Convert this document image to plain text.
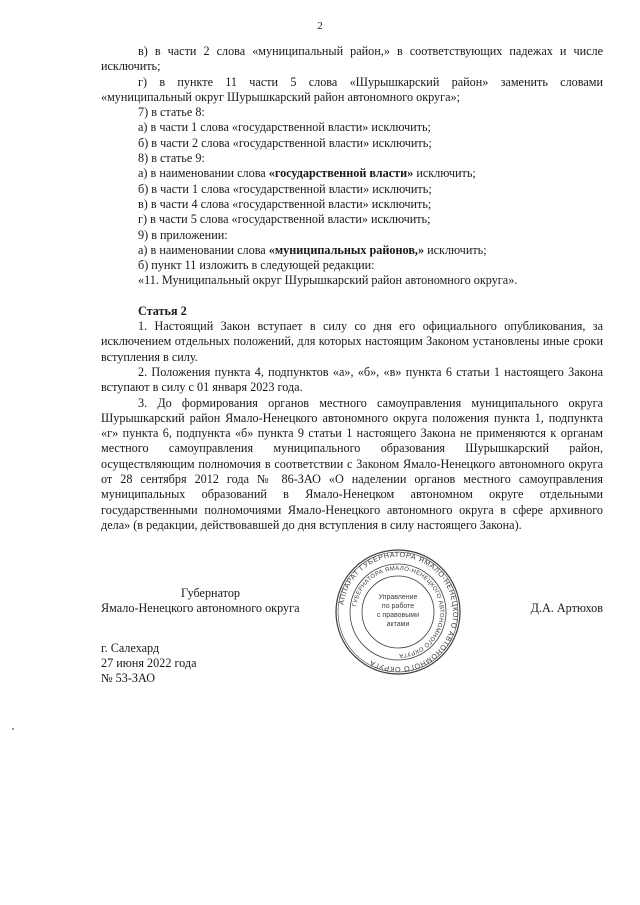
2

в) в части 2 слова «муниципальный район,» в соответствующих падежах и числе исключить;

г) в пункте 11 части 5 слова «Шурышкарский район» заменить словами «муниципальный округ Шурышкарский район автономного округа»;

7) в статье 8:

а) в части 1 слова «государственной власти» исключить;

б) в части 2 слова «государственной власти» исключить;

8) в статье 9:

а) в наименовании слова «государственной власти» исключить;

б) в части 1 слова «государственной власти» исключить;

в) в части 4 слова «государственной власти» исключить;

г) в части 5 слова «государственной власти» исключить;

9) в приложении:

а) в наименовании слова «муниципальных районов,» исключить;

б) пункт 11 изложить в следующей редакции:

«11. Муниципальный округ Шурышкарский район автономного округа».

Статья 2

1. Настоящий Закон вступает в силу со дня его официального опубликования, за исключением отдельных положений, для которых настоящим Законом установлены иные сроки вступления в силу.

2. Положения пункта 4, подпунктов «а», «б», «в» пункта 6 статьи 1 настоящего Закона вступают в силу с 01 января 2023 года.

3. До формирования органов местного самоуправления муниципального округа Шурышкарский район Ямало-Ненецкого автономного округа положения пункта 1, подпункта «г» пункта 6, подпункта «б» пункта 9 статьи 1 настоящего Закона не применяются к органам местного самоуправления муниципального образования Шурышкарский район, осуществляющим полномочия в соответствии с Законом Ямало-Ненецкого автономного округа от 28 сентября 2012 года № 86-ЗАО «О наделении органов местного самоуправления муниципальных образований в Ямало-Ненецком автономном округе отдельными государственными полномочиями Ямало-Ненецкого автономного округа в сфере архивного дела» (в редакции, действовавшей до дня вступления в силу настоящего Закона).

Губернатор
Ямало-Ненецкого автономного округа	Д.А. Артюхов
АППАРАТ ГУБЕРНАТОРА ЯМАЛО-НЕНЕЦКОГО АВТОНОМНОГО ОКРУГА
ГУБЕРНАТОРА ЯМАЛО-НЕНЕЦКОГО АВТОНОМНОГО ОКРУГА
Управление
по работе
с правовыми
актами
г. Салехард
27 июня 2022 года
№ 53-ЗАО
